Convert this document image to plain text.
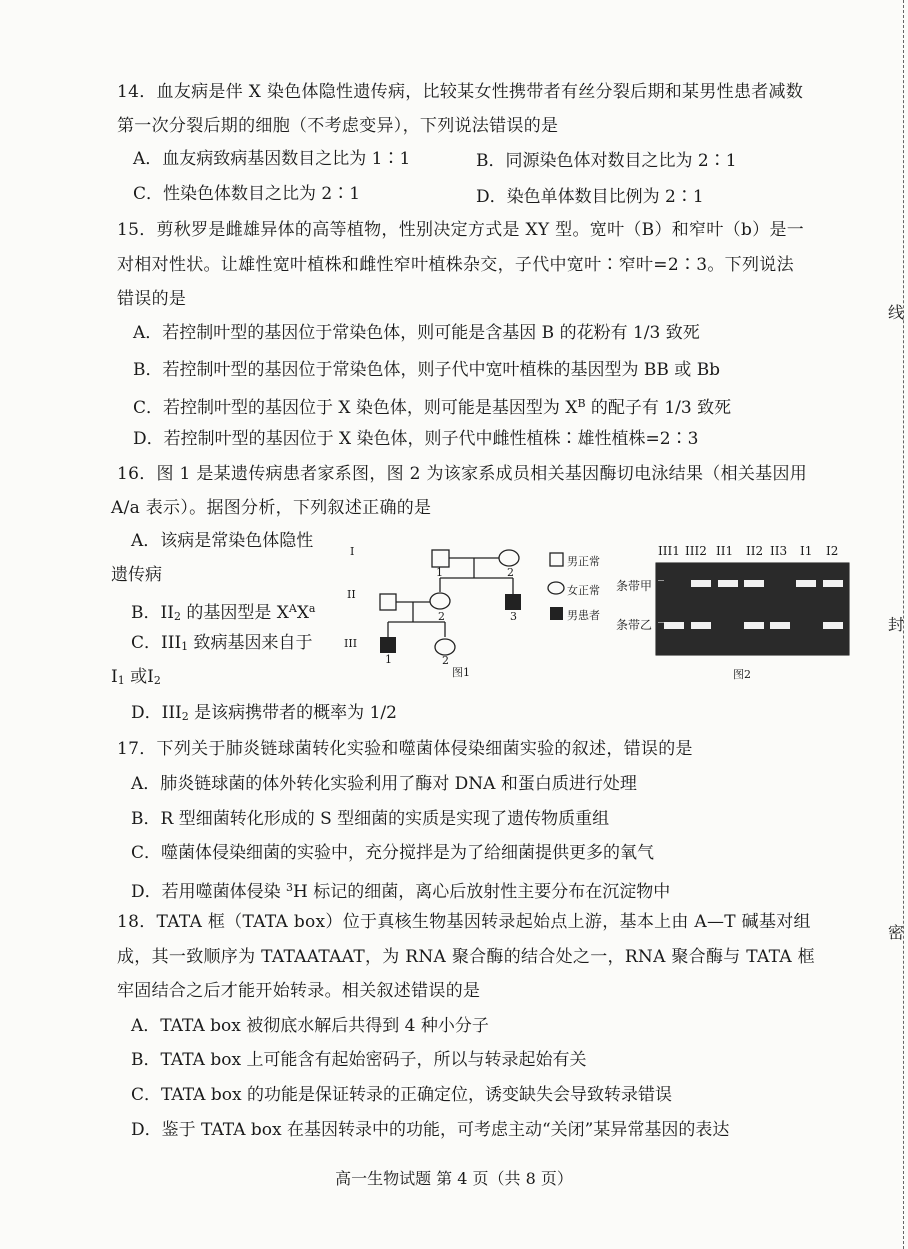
14．血友病是伴 X 染色体隐性遗传病，比较某女性携带者有丝分裂后期和某男性患者减数
第一次分裂后期的细胞（不考虑变异），下列说法错误的是
A．血友病致病基因数目之比为 1∶1	B．同源染色体对数目之比为 2∶1
C．性染色体数目之比为 2∶1	D．染色单体数目比例为 2∶1
15．剪秋罗是雌雄异体的高等植物，性别决定方式是 XY 型。宽叶（B）和窄叶（b）是一
对相对性状。让雄性宽叶植株和雌性窄叶植株杂交，子代中宽叶∶窄叶=2∶3。下列说法
错误的是
A．若控制叶型的基因位于常染色体，则可能是含基因 B 的花粉有 1/3 致死
B．若控制叶型的基因位于常染色体，则子代中宽叶植株的基因型为 BB 或 Bb
C．若控制叶型的基因位于 X 染色体，则可能是基因型为 $X^B$ 的配子有 1/3 致死
D．若控制叶型的基因位于 X 染色体，则子代中雌性植株∶雄性植株=2∶3
16．图 1 是某遗传病患者家系图，图 2 为该家系成员相关基因酶切电泳结果（相关基因用
A/a 表示）。据图分析，下列叙述正确的是
A．该病是常染色体隐性
遗传病
B．II2 的基因型是 $X^AX^a$
C．III1 致病基因来自于
I1 或I2
D．III2 是该病携带者的概率为 1/2
I
II
III
1	2
2	3
1	2
男正常
女正常
男患者
图1
III1 III2 II1 II2 II3 I1 I2
条带甲
条带乙
图2
17．下列关于肺炎链球菌转化实验和噬菌体侵染细菌实验的叙述，错误的是
A．肺炎链球菌的体外转化实验利用了酶对 DNA 和蛋白质进行处理
B．R 型细菌转化形成的 S 型细菌的实质是实现了遗传物质重组
C．噬菌体侵染细菌的实验中，充分搅拌是为了给细菌提供更多的氧气
D．若用噬菌体侵染 $^3$H 标记的细菌，离心后放射性主要分布在沉淀物中
18．TATA 框（TATA box）位于真核生物基因转录起始点上游，基本上由 A—T 碱基对组
成，其一致顺序为 TATAATAAT，为 RNA 聚合酶的结合处之一，RNA 聚合酶与 TATA 框
牢固结合之后才能开始转录。相关叙述错误的是
A．TATA box 被彻底水解后共得到 4 种小分子
B．TATA box 上可能含有起始密码子，所以与转录起始有关
C．TATA box 的功能是保证转录的正确定位，诱变缺失会导致转录错误
D．鉴于 TATA box 在基因转录中的功能，可考虑主动“关闭”某异常基因的表达
高一生物试题 第 4 页（共 8 页）
线
封
密
